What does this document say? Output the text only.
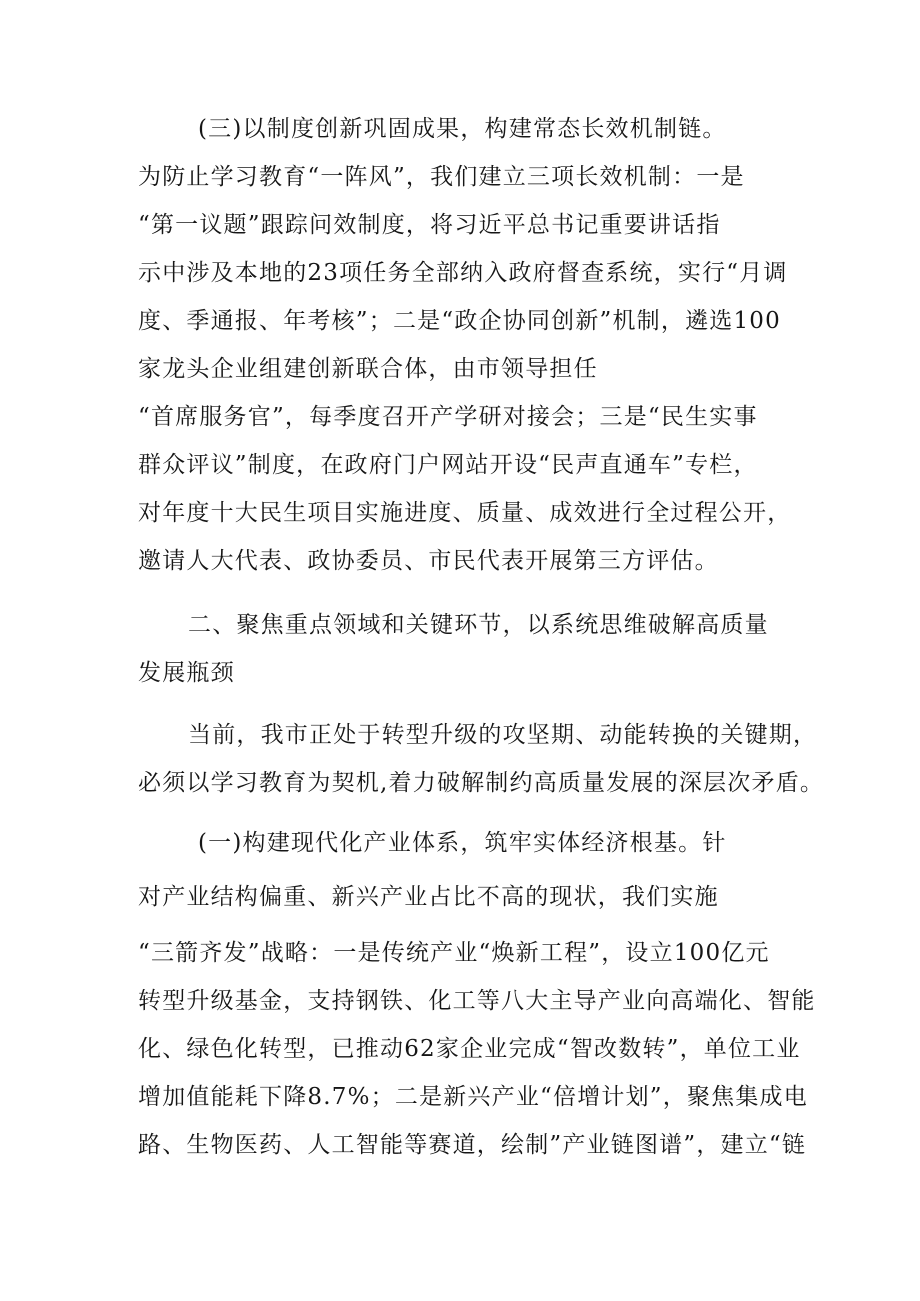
(三)以制度创新巩固成果，构建常态长效机制链。
为防止学习教育“一阵风”，我们建立三项长效机制：一是
“第一议题”跟踪问效制度，将习近平总书记重要讲话指
示中涉及本地的23项任务全部纳入政府督查系统，实行“月调
度、季通报、年考核”；二是“政企协同创新”机制，遴选100
家龙头企业组建创新联合体，由市领导担任
“首席服务官”，每季度召开产学研对接会；三是“民生实事
群众评议”制度，在政府门户网站开设“民声直通车”专栏，
对年度十大民生项目实施进度、质量、成效进行全过程公开，
邀请人大代表、政协委员、市民代表开展第三方评估。
二、聚焦重点领域和关键环节，以系统思维破解高质量
发展瓶颈
当前，我市正处于转型升级的攻坚期、动能转换的关键期，
必须以学习教育为契机,着力破解制约高质量发展的深层次矛盾。
(一)构建现代化产业体系，筑牢实体经济根基。针
对产业结构偏重、新兴产业占比不高的现状，我们实施
“三箭齐发”战略：一是传统产业“焕新工程”，设立100亿元
转型升级基金，支持钢铁、化工等八大主导产业向高端化、智能
化、绿色化转型，已推动62家企业完成“智改数转”，单位工业
增加值能耗下降8.7%；二是新兴产业“倍增计划”，聚焦集成电
路、生物医药、人工智能等赛道，绘制”产业链图谱”，建立“链
